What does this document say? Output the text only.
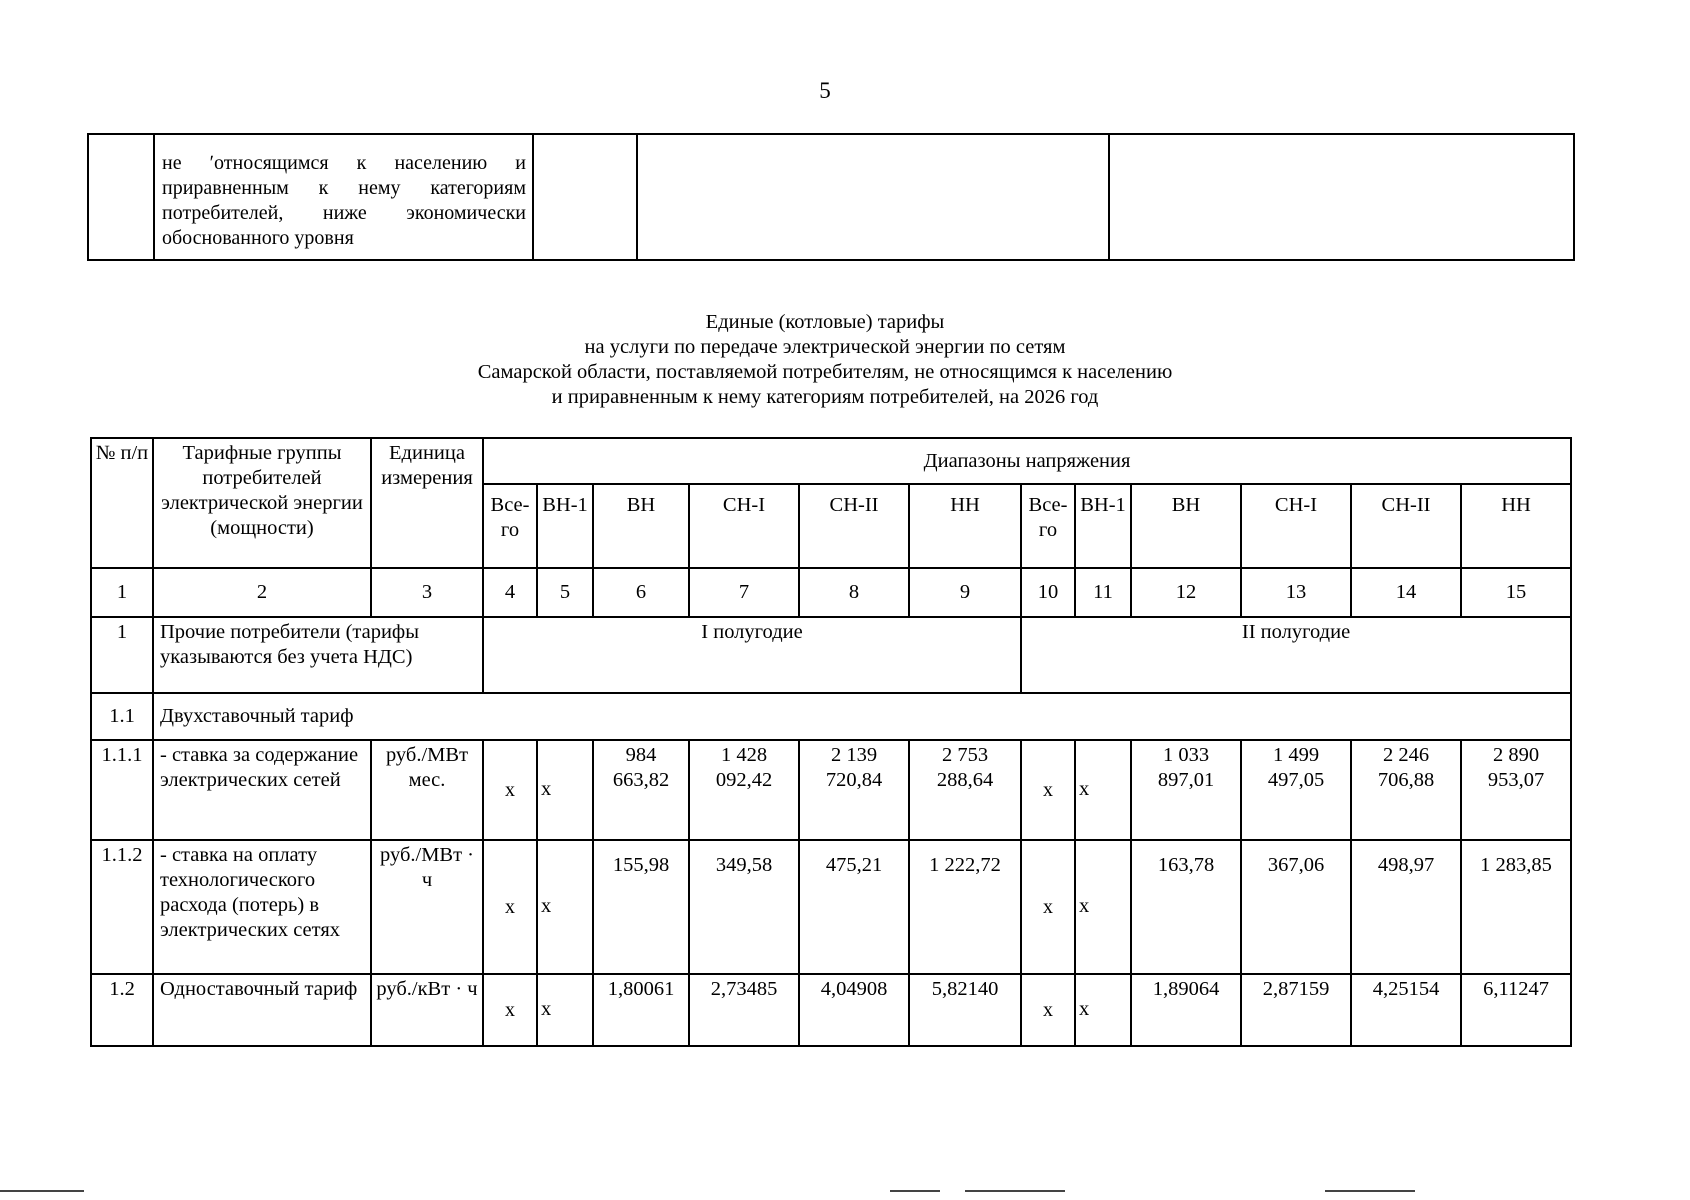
5

не ʹотносящимся к населению и приравненным к нему категориям потребителей, ниже экономически обоснованного уровня

Единые (котловые) тарифы
на услуги по передаче электрической энергии по сетям
Самарской области, поставляемой потребителям, не относящимся к населению
и приравненным к нему категориям потребителей, на 2026 год
№ п/п	Тарифные группы потребителей электрической энергии (мощности)	Единица измерения	Диапазоны напряжения											
			Все-го	ВН-1	ВН	СН-I	СН-II	НН	Все-го	ВН-1	ВН	СН-I	СН-II	НН
1	2	3	4	5	6	7	8	9	10	11	12	13	14	15
1	Прочие потребители (тарифы указываются без учета НДС)		I полугодие						II полугодие					
1.1	Двухставочный тариф													
1.1.1	- ставка за содержание электрических сетей	руб./МВт мес.	х	х	984 663,82	1 428 092,42	2 139 720,84	2 753 288,64	х	х	1 033 897,01	1 499 497,05	2 246 706,88	2 890 953,07
1.1.2	- ставка на оплату технологического расхода (потерь) в электрических сетях	руб./МВт · ч	х	х	155,98	349,58	475,21	1 222,72	х	х	163,78	367,06	498,97	1 283,85
1.2	Одноставочный тариф	руб./кВт · ч	х	х	1,80061	2,73485	4,04908	5,82140	х	х	1,89064	2,87159	4,25154	6,11247
